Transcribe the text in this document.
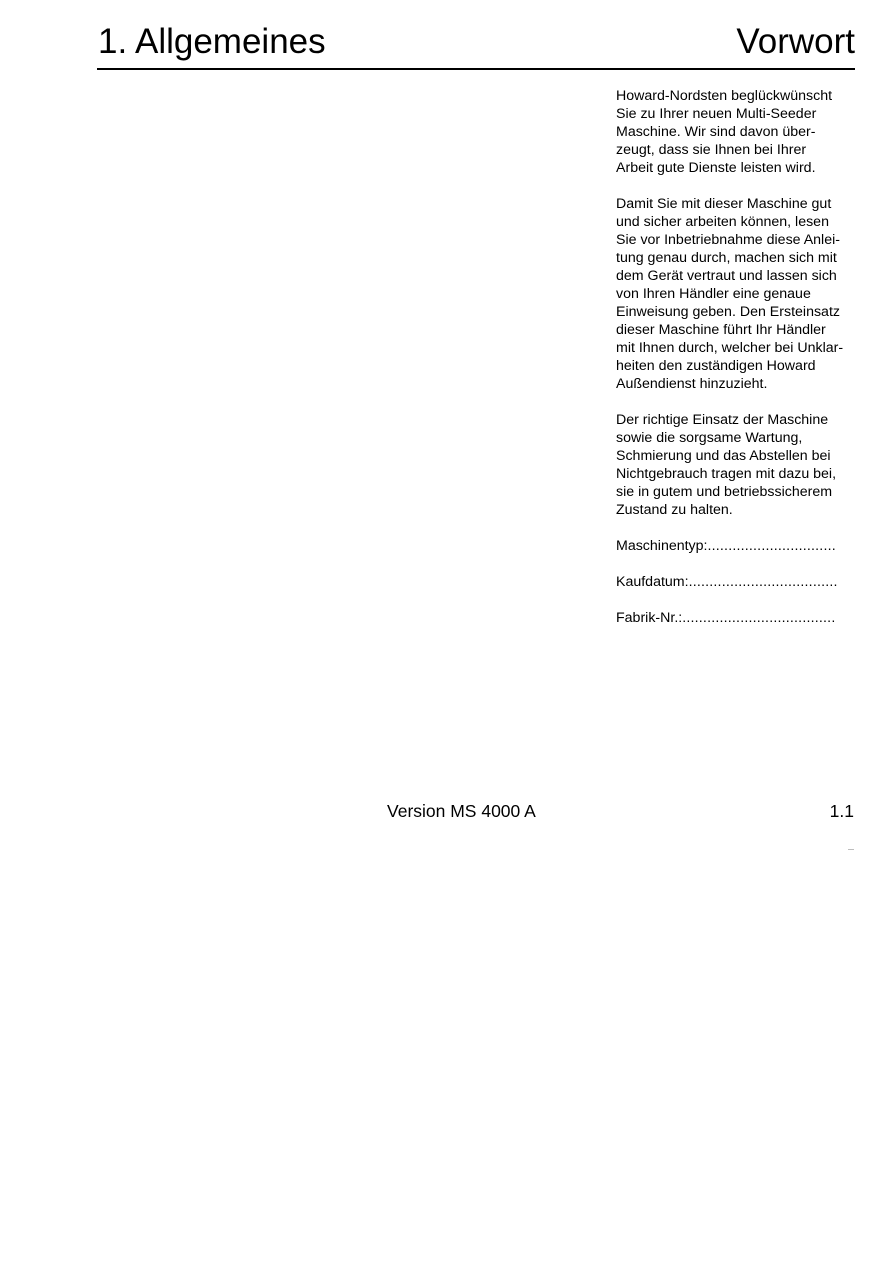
1. Allgemeines	Vorwort
Howard-Nordsten beglückwünscht
Sie zu Ihrer neuen Multi-Seeder
Maschine. Wir sind davon über-
zeugt, dass sie Ihnen bei Ihrer
Arbeit gute Dienste leisten wird.
Damit Sie mit dieser Maschine gut
und sicher arbeiten können, lesen
Sie vor Inbetriebnahme diese Anlei-
tung genau durch, machen sich mit
dem Gerät vertraut und lassen sich
von Ihren Händler eine genaue
Einweisung geben. Den Ersteinsatz
dieser Maschine führt Ihr Händler
mit Ihnen durch, welcher bei Unklar-
heiten den zuständigen Howard
Außendienst hinzuzieht.
Der richtige Einsatz der Maschine
sowie die sorgsame Wartung,
Schmierung und das Abstellen bei
Nichtgebrauch tragen mit dazu bei,
sie in gutem und betriebssicherem
Zustand zu halten.
Maschinentyp:...............................
Kaufdatum:....................................
Fabrik-Nr.:.....................................
Version MS 4000 A	1.1
